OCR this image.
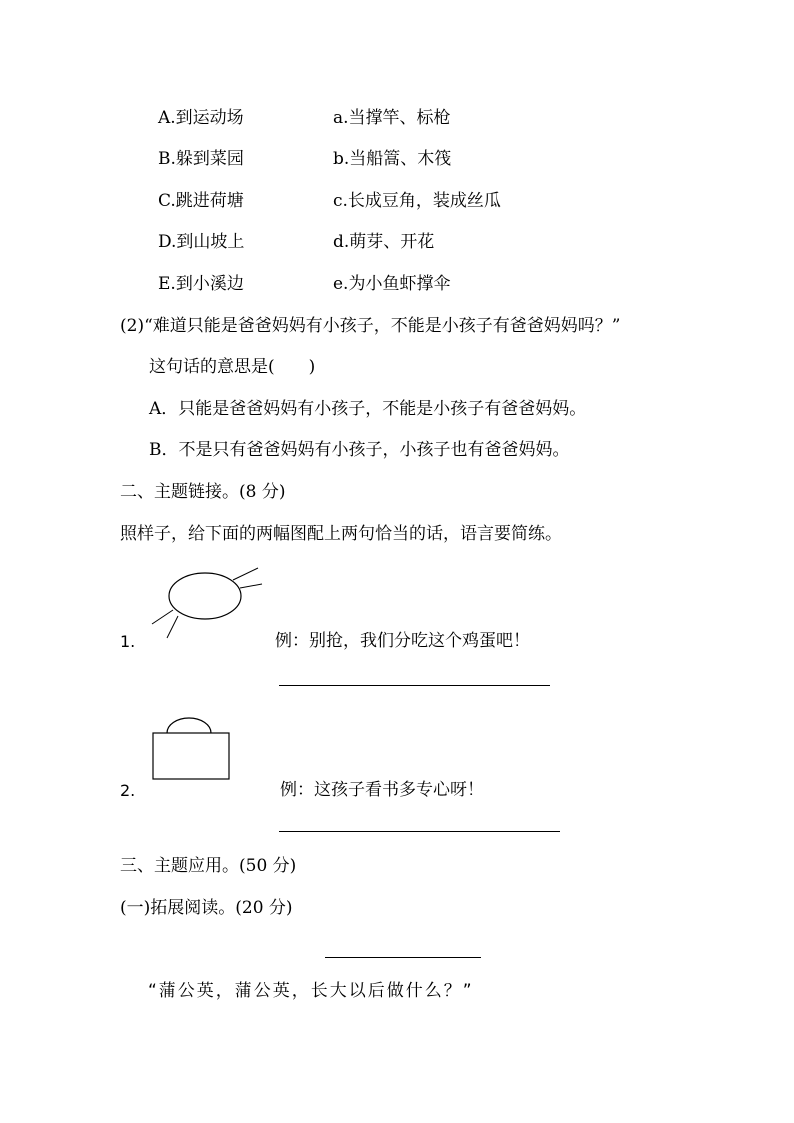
A.到运动场	a.当撑竿、标枪
B.躲到菜园	b.当船篙、木筏
C.跳进荷塘	c.长成豆角，装成丝瓜
D.到山坡上	d.萌芽、开花
E.到小溪边	e.为小鱼虾撑伞
(2)“难道只能是爸爸妈妈有小孩子，不能是小孩子有爸爸妈妈吗？”
这句话的意思是(　　)
A．只能是爸爸妈妈有小孩子，不能是小孩子有爸爸妈妈。
B．不是只有爸爸妈妈有小孩子，小孩子也有爸爸妈妈。
二、主题链接。(8 分)
照样子，给下面的两幅图配上两句恰当的话，语言要简练。
1.	例：别抢，我们分吃这个鸡蛋吧！
2.	例：这孩子看书多专心呀！
三、主题应用。(50 分)
(一)拓展阅读。(20 分)
“蒲公英，蒲公英，长大以后做什么？”
